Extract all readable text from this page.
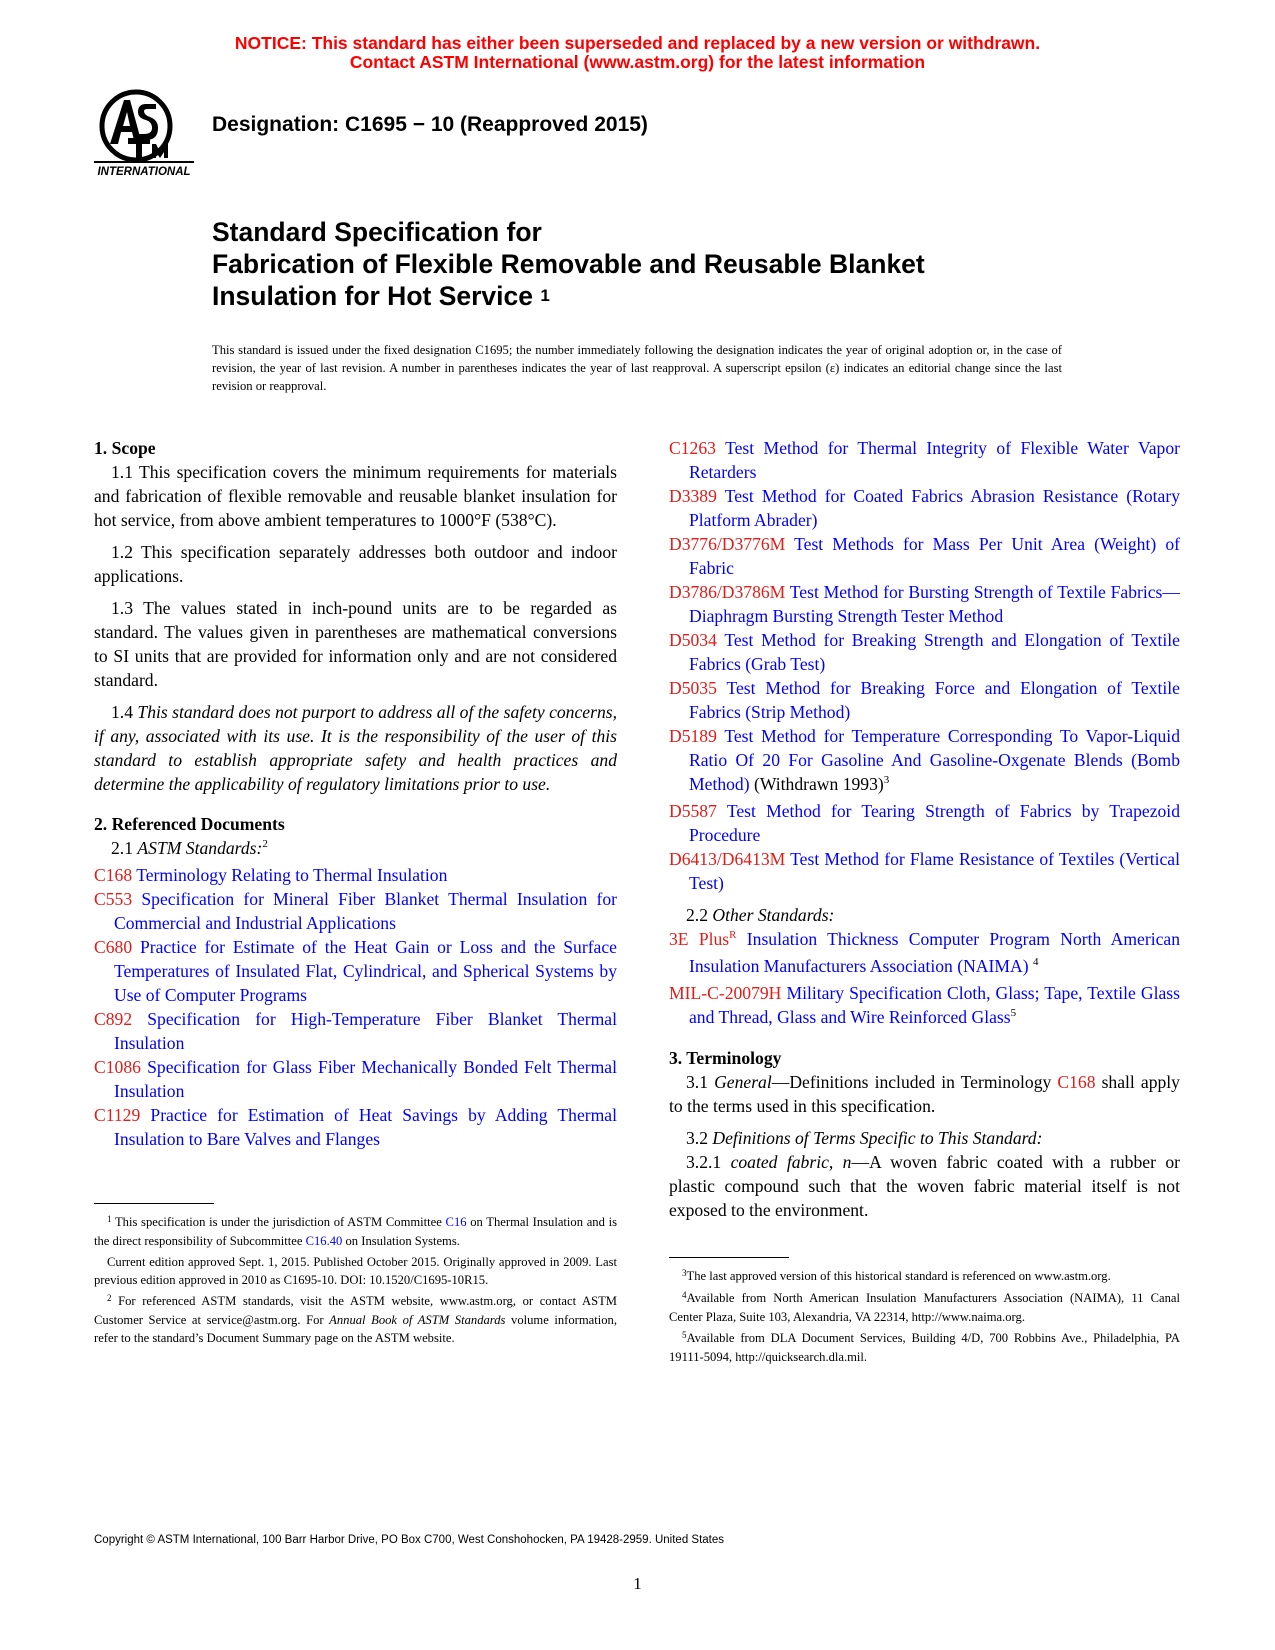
NOTICE: This standard has either been superseded and replaced by a new version or withdrawn.
Contact ASTM International (www.astm.org) for the latest information
INTERNATIONAL
Designation: C1695 − 10 (Reapproved 2015)
Standard Specification for
Fabrication of Flexible Removable and Reusable Blanket
Insulation for Hot Service $^1$
This standard is issued under the fixed designation C1695; the number immediately following the designation indicates the year of original adoption or, in the case of revision, the year of last revision. A number in parentheses indicates the year of last reapproval. A superscript epsilon (ε) indicates an editorial change since the last revision or reapproval.

1. Scope

1.1 This specification covers the minimum requirements for materials and fabrication of flexible removable and reusable blanket insulation for hot service, from above ambient temperatures to 1000°F (538°C).

1.2 This specification separately addresses both outdoor and indoor applications.

1.3 The values stated in inch-pound units are to be regarded as standard. The values given in parentheses are mathematical conversions to SI units that are provided for information only and are not considered standard.

1.4 This standard does not purport to address all of the safety concerns, if any, associated with its use. It is the responsibility of the user of this standard to establish appropriate safety and health practices and determine the applicability of regulatory limitations prior to use.

2. Referenced Documents

2.1 ASTM Standards:$^2$

C168 Terminology Relating to Thermal Insulation

C553 Specification for Mineral Fiber Blanket Thermal Insulation for Commercial and Industrial Applications

C680 Practice for Estimate of the Heat Gain or Loss and the Surface Temperatures of Insulated Flat, Cylindrical, and Spherical Systems by Use of Computer Programs

C892 Specification for High-Temperature Fiber Blanket Thermal Insulation

C1086 Specification for Glass Fiber Mechanically Bonded Felt Thermal Insulation

C1129 Practice for Estimation of Heat Savings by Adding Thermal Insulation to Bare Valves and Flanges

C1263 Test Method for Thermal Integrity of Flexible Water Vapor Retarders

D3389 Test Method for Coated Fabrics Abrasion Resistance (Rotary Platform Abrader)

D3776/D3776M Test Methods for Mass Per Unit Area (Weight) of Fabric

D3786/D3786M Test Method for Bursting Strength of Textile Fabrics—Diaphragm Bursting Strength Tester Method

D5034 Test Method for Breaking Strength and Elongation of Textile Fabrics (Grab Test)

D5035 Test Method for Breaking Force and Elongation of Textile Fabrics (Strip Method)

D5189 Test Method for Temperature Corresponding To Vapor-Liquid Ratio Of 20 For Gasoline And Gasoline-Oxgenate Blends (Bomb Method) (Withdrawn 1993)$^3$

D5587 Test Method for Tearing Strength of Fabrics by Trapezoid Procedure

D6413/D6413M Test Method for Flame Resistance of Textiles (Vertical Test)

2.2 Other Standards:

3E Plus$^R$ Insulation Thickness Computer Program North American Insulation Manufacturers Association (NAIMA) $^4$

MIL-C-20079H Military Specification Cloth, Glass; Tape, Textile Glass and Thread, Glass and Wire Reinforced Glass$^5$

3. Terminology

3.1 General—Definitions included in Terminology C168 shall apply to the terms used in this specification.

3.2 Definitions of Terms Specific to This Standard:

3.2.1 coated fabric, n—A woven fabric coated with a rubber or plastic compound such that the woven fabric material itself is not exposed to the environment.

$^1$ This specification is under the jurisdiction of ASTM Committee C16 on Thermal Insulation and is the direct responsibility of Subcommittee C16.40 on Insulation Systems.

Current edition approved Sept. 1, 2015. Published October 2015. Originally approved in 2009. Last previous edition approved in 2010 as C1695-10. DOI: 10.1520/C1695-10R15.

$^2$ For referenced ASTM standards, visit the ASTM website, www.astm.org, or contact ASTM Customer Service at service@astm.org. For Annual Book of ASTM Standards volume information, refer to the standard’s Document Summary page on the ASTM website.

$^3$The last approved version of this historical standard is referenced on www.astm.org.

$^4$Available from North American Insulation Manufacturers Association (NAIMA), 11 Canal Center Plaza, Suite 103, Alexandria, VA 22314, http://www.naima.org.

$^5$Available from DLA Document Services, Building 4/D, 700 Robbins Ave., Philadelphia, PA 19111-5094, http://quicksearch.dla.mil.

Copyright © ASTM International, 100 Barr Harbor Drive, PO Box C700, West Conshohocken, PA 19428-2959. United States
1
